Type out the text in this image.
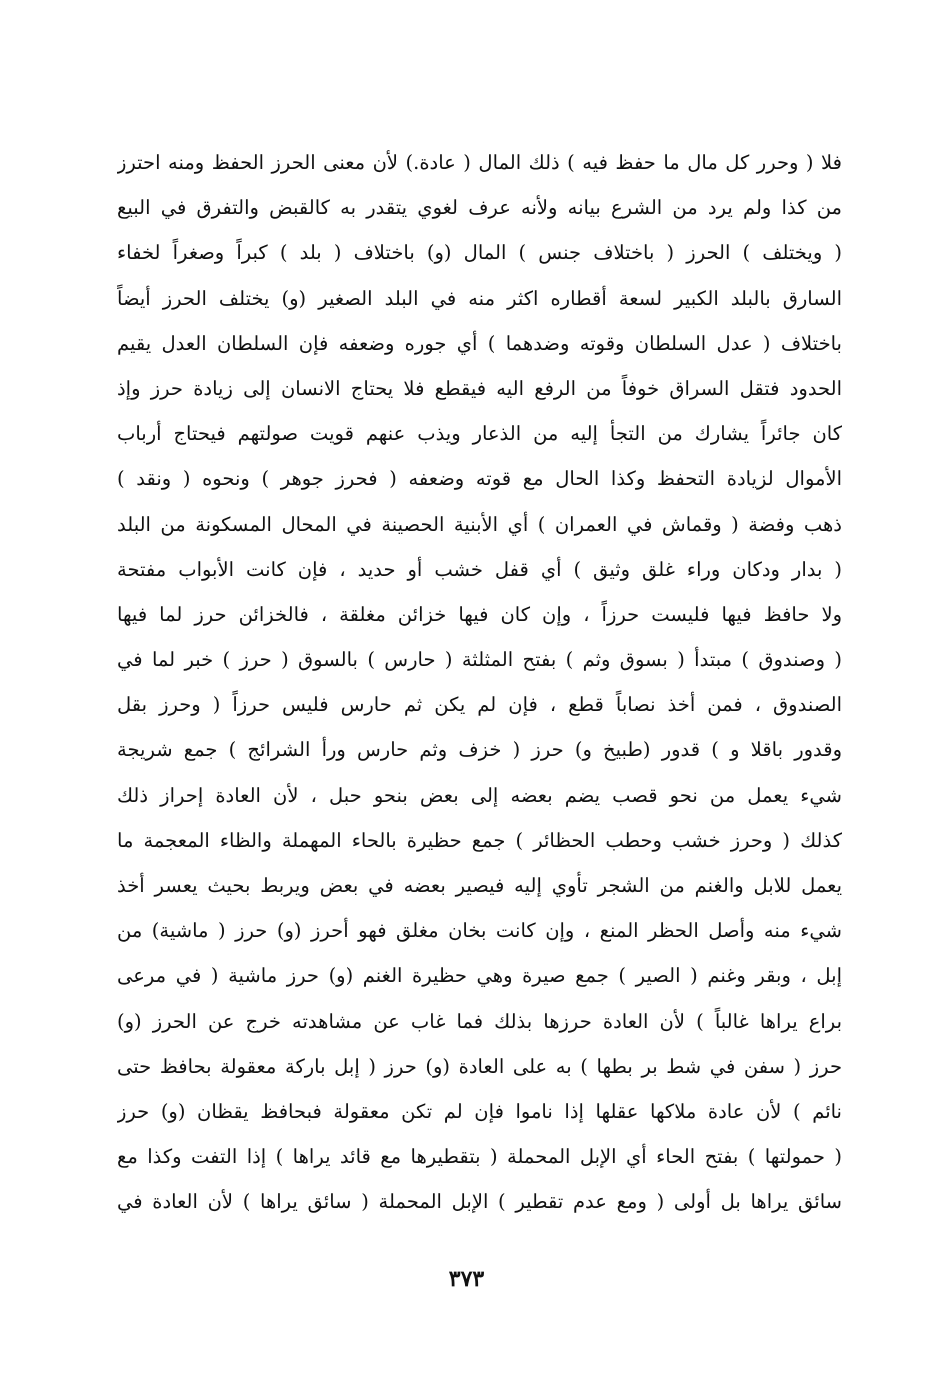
فلا ( وحرر كل مال ما حفظ فيه ) ذلك المال ( عادة.) لأن معنى الحرز الحفظ ومنه احترز
من كذا ولم يرد من الشرع بيانه ولأنه عرف لغوي يتقدر به كالقبض والتفرق في البيع
( ويختلف ) الحرز ( باختلاف جنس ) المال (و) باختلاف ( بلد ) كبراً وصغراً لخفاء
السارق بالبلد الكبير لسعة أقطاره اكثر منه في البلد الصغير (و) يختلف الحرز أيضاً
باختلاف ( عدل السلطان وقوته وضدهما ) أي جوره وضعفه فإن السلطان العدل يقيم
الحدود فتقل السراق خوفاً من الرفع اليه فيقطع فلا يحتاج الانسان إلى زيادة حرز وإذ
كان جائراً يشارك من التجأ إليه من الذعار ويذب عنهم قويت صولتهم فيحتاج أرباب
الأموال لزيادة التحفظ وكذا الحال مع قوته وضعفه ( فحرز جوهر ) ونحوه ( ونقد )
ذهب وفضة ( وقماش في العمران ) أي الأبنية الحصينة في المحال المسكونة من البلد
( بدار ودكان وراء غلق وثيق ) أي قفل خشب أو حديد ، فإن كانت الأبواب مفتحة
ولا حافظ فيها فليست حرزاً ، وإن كان فيها خزائن مغلقة ، فالخزائن حرز لما فيها
( وصندوق ) مبتدأ ( بسوق وثم ) بفتح المثلثة ( حارس ) بالسوق ( حرز ) خبر لما في
الصندوق ، فمن أخذ نصاباً قطع ، فإن لم يكن ثم حارس فليس حرزاً ( وحرز بقل
وقدور باقلا و ) قدور (طبيخ و) حرز ( خزف وثم حارس ورأ الشرائج ) جمع شريجة
شيء يعمل من نحو قصب يضم بعضه إلى بعض بنحو حبل ، لأن العادة إحراز ذلك
كذلك ( وحرز خشب وحطب الحظائر ) جمع حظيرة بالحاء المهملة والظاء المعجمة ما
يعمل للابل والغنم من الشجر تأوي إليه فيصير بعضه في بعض ويربط بحيث يعسر أخذ
شيء منه وأصل الحظر المنع ، وإن كانت بخان مغلق فهو أحرز (و) حرز ( ماشية) من
إبل ، وبقر وغنم ( الصير ) جمع صيرة وهي حظيرة الغنم (و) حرز ماشية ( في مرعى
براع يراها غالباً ) لأن العادة حرزها بذلك فما غاب عن مشاهدته خرج عن الحرز (و)
حرز ( سفن في شط بر بطها ) به على العادة (و) حرز ( إبل باركة معقولة بحافظ حتى
نائم ) لأن عادة ملاكها عقلها إذا ناموا فإن لم تكن معقولة فبحافظ يقظان (و) حرز
( حمولتها ) بفتح الحاء أي الإبل المحملة ( بتقطيرها مع قائد يراها ) إذا التفت وكذا مع
سائق يراها بل أولى ( ومع عدم تقطير ) الإبل المحملة ( سائق يراها ) لأن العادة في
٣٧٣
